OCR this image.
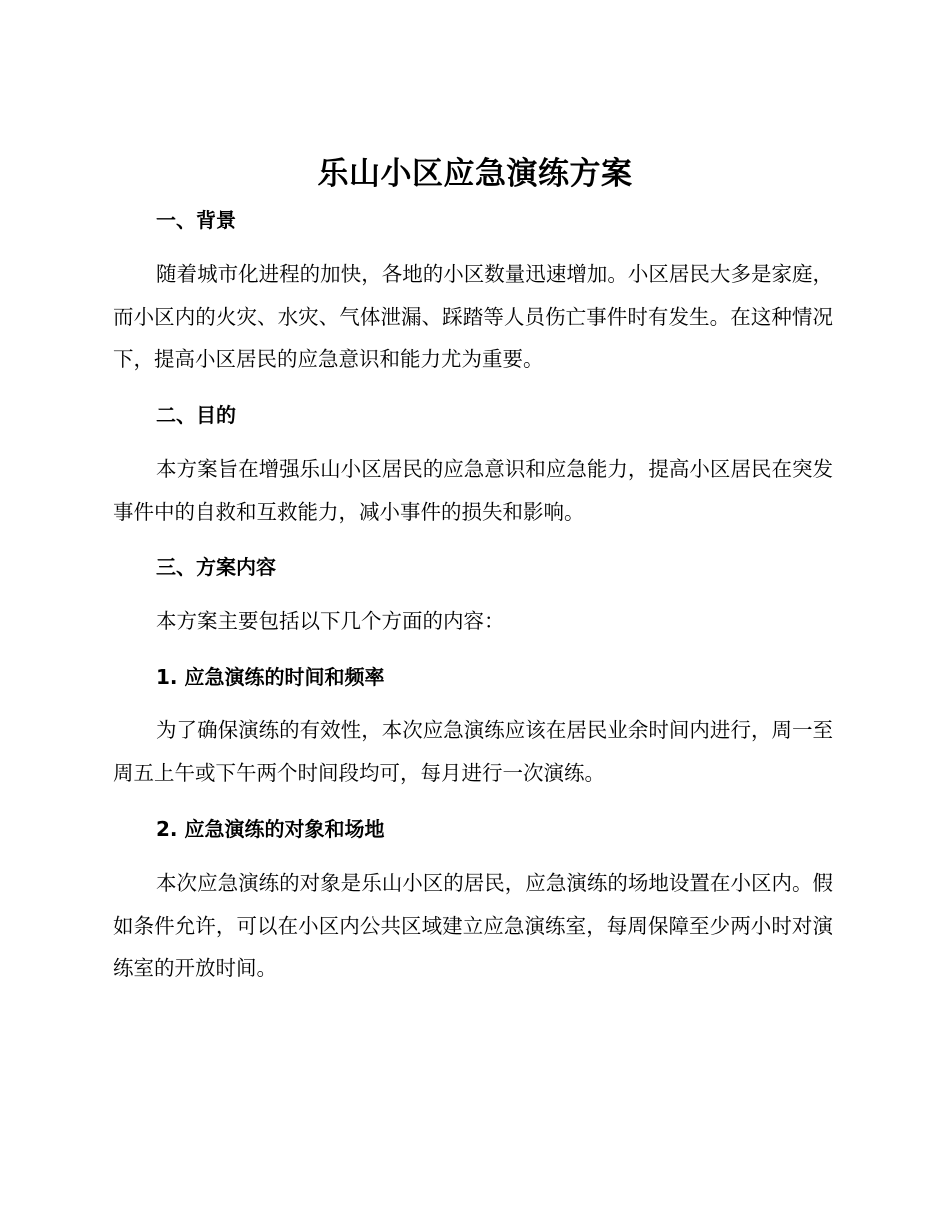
乐山小区应急演练方案
一、背景
随着城市化进程的加快，各地的小区数量迅速增加。小区居民大多是家庭，而小区内的火灾、水灾、气体泄漏、踩踏等人员伤亡事件时有发生。在这种情况下，提高小区居民的应急意识和能力尤为重要。
二、目的
本方案旨在增强乐山小区居民的应急意识和应急能力，提高小区居民在突发事件中的自救和互救能力，减小事件的损失和影响。
三、方案内容
本方案主要包括以下几个方面的内容：
1. 应急演练的时间和频率
为了确保演练的有效性，本次应急演练应该在居民业余时间内进行，周一至周五上午或下午两个时间段均可，每月进行一次演练。
2. 应急演练的对象和场地
本次应急演练的对象是乐山小区的居民，应急演练的场地设置在小区内。假如条件允许，可以在小区内公共区域建立应急演练室，每周保障至少两小时对演练室的开放时间。
